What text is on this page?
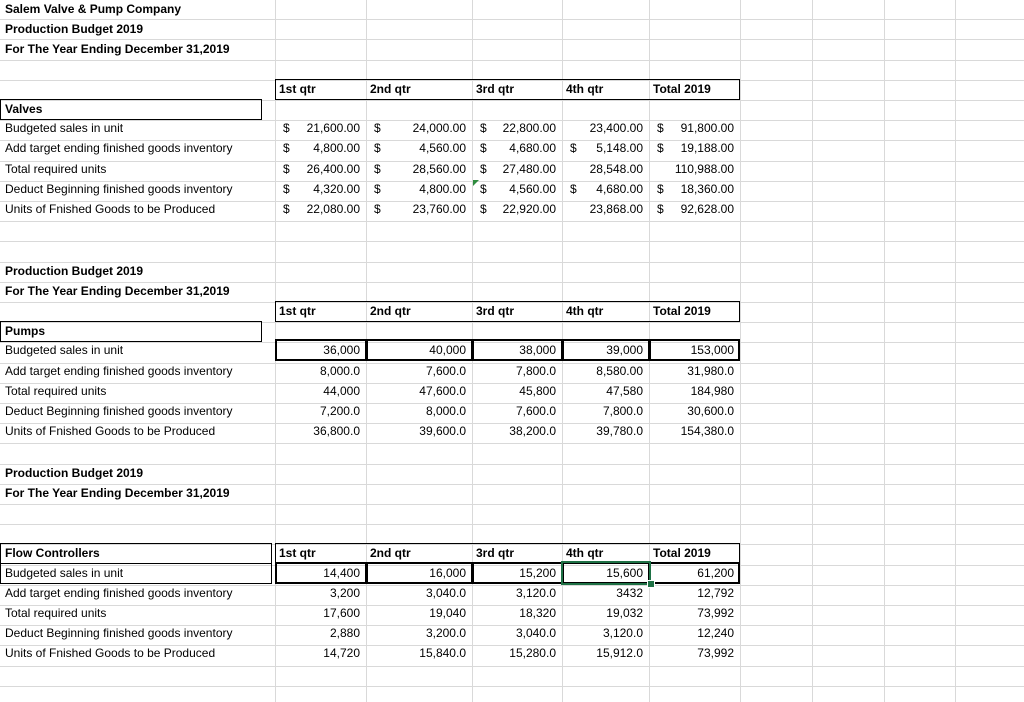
Salem Valve & Pump Company
Production Budget 2019
For The Year Ending December 31,2019
1st qtr	2nd qtr	3rd qtr	4th qtr	Total 2019
Valves
Budgeted sales in unit	$	21,600.00	$	24,000.00	$	22,800.00	23,400.00	$	91,800.00
Add target ending finished goods inventory	$	4,800.00	$	4,560.00	$	4,680.00	$	5,148.00	$	19,188.00
Total required units	$	26,400.00	$	28,560.00	$	27,480.00	28,548.00	110,988.00
Deduct Beginning finished goods inventory	$	4,320.00	$	4,800.00	$	4,560.00	$	4,680.00	$	18,360.00
Units of Fnished Goods to be Produced	$	22,080.00	$	23,760.00	$	22,920.00	23,868.00	$	92,628.00
Production Budget 2019
For The Year Ending December 31,2019
1st qtr	2nd qtr	3rd qtr	4th qtr	Total 2019
Pumps
Budgeted sales in unit	36,000	40,000	38,000	39,000	153,000
Add target ending finished goods inventory	8,000.0	7,600.0	7,800.0	8,580.00	31,980.0
Total required units	44,000	47,600.0	45,800	47,580	184,980
Deduct Beginning finished goods inventory	7,200.0	8,000.0	7,600.0	7,800.0	30,600.0
Units of Fnished Goods to be Produced	36,800.0	39,600.0	38,200.0	39,780.0	154,380.0
Production Budget 2019
For The Year Ending December 31,2019
1st qtr	2nd qtr	3rd qtr	4th qtr	Total 2019
Flow Controllers
Budgeted sales in unit	14,400	16,000	15,200	15,600	61,200
Add target ending finished goods inventory	3,200	3,040.0	3,120.0	3432	12,792
Total required units	17,600	19,040	18,320	19,032	73,992
Deduct Beginning finished goods inventory	2,880	3,200.0	3,040.0	3,120.0	12,240
Units of Fnished Goods to be Produced	14,720	15,840.0	15,280.0	15,912.0	73,992
